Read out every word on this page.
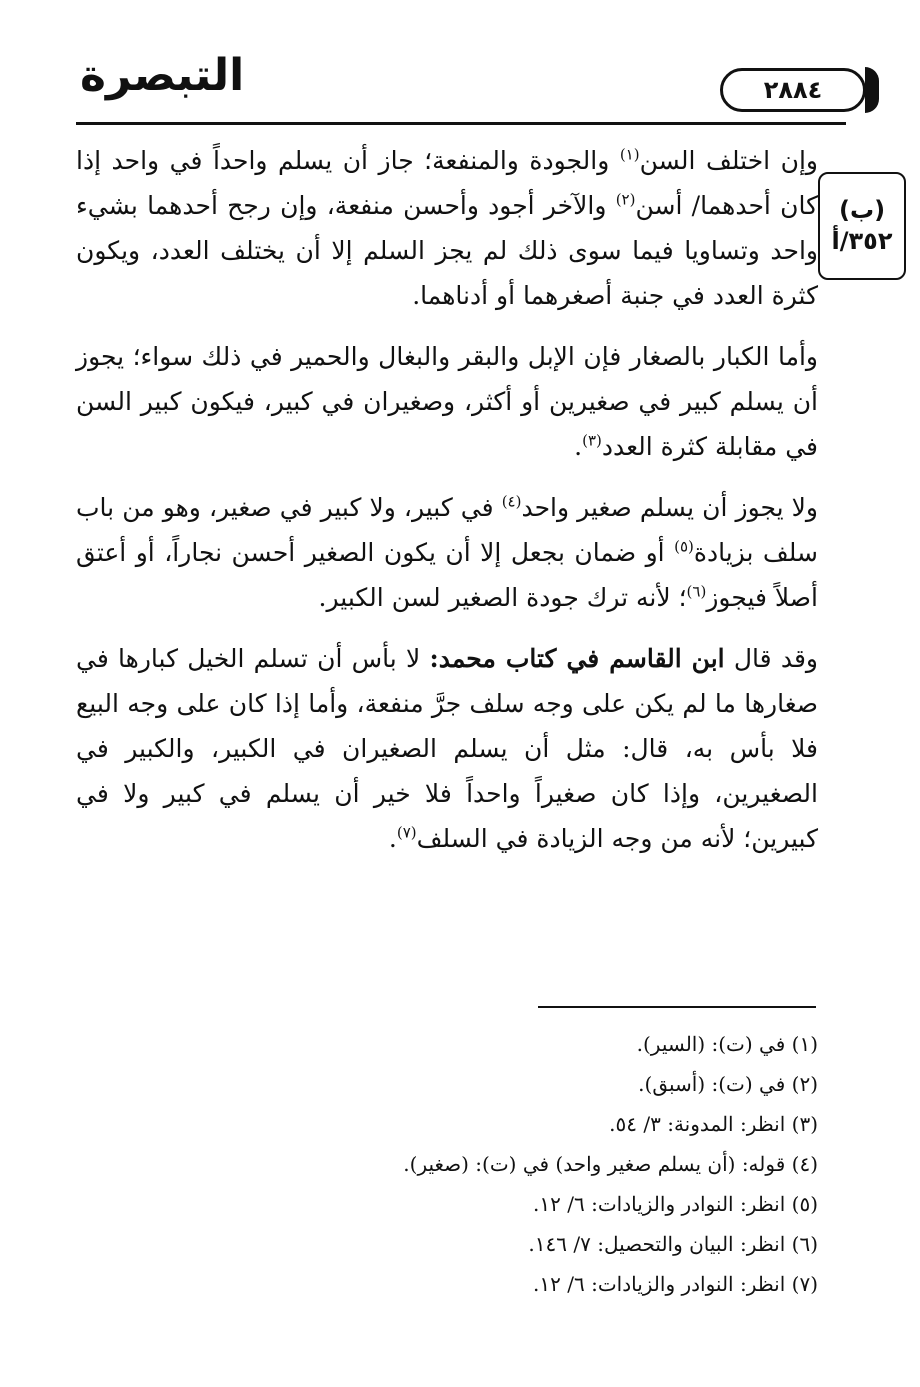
التبصرة	٢٨٨٤
(ب)
٣٥٢/أ

وإن اختلف السن$^{(١)}$ والجودة والمنفعة؛ جاز أن يسلم واحداً في واحد إذا كان أحدهما/ أسن$^{(٢)}$ والآخر أجود وأحسن منفعة، وإن رجح أحدهما بشيء واحد وتساويا فيما سوى ذلك لم يجز السلم إلا أن يختلف العدد، ويكون كثرة العدد في جنبة أصغرهما أو أدناهما.

وأما الكبار بالصغار فإن الإبل والبقر والبغال والحمير في ذلك سواء؛ يجوز أن يسلم كبير في صغيرين أو أكثر، وصغيران في كبير، فيكون كبير السن في مقابلة كثرة العدد$^{(٣)}$.

ولا يجوز أن يسلم صغير واحد$^{(٤)}$ في كبير، ولا كبير في صغير، وهو من باب سلف بزيادة$^{(٥)}$ أو ضمان بجعل إلا أن يكون الصغير أحسن نجاراً، أو أعتق أصلاً فيجوز$^{(٦)}$؛ لأنه ترك جودة الصغير لسن الكبير.

وقد قال ابن القاسم في كتاب محمد: لا بأس أن تسلم الخيل كبارها في صغارها ما لم يكن على وجه سلف جرَّ منفعة، وأما إذا كان على وجه البيع فلا بأس به، قال: مثل أن يسلم الصغيران في الكبير، والكبير في الصغيرين، وإذا كان صغيراً واحداً فلا خير أن يسلم في كبير ولا في كبيرين؛ لأنه من وجه الزيادة في السلف$^{(٧)}$.

(١) في (ت): (السير).
(٢) في (ت): (أسبق).
(٣) انظر: المدونة: ٣/ ٥٤.
(٤) قوله: (أن يسلم صغير واحد) في (ت): (صغير).
(٥) انظر: النوادر والزيادات: ٦/ ١٢.
(٦) انظر: البيان والتحصيل: ٧/ ١٤٦.
(٧) انظر: النوادر والزيادات: ٦/ ١٢.
